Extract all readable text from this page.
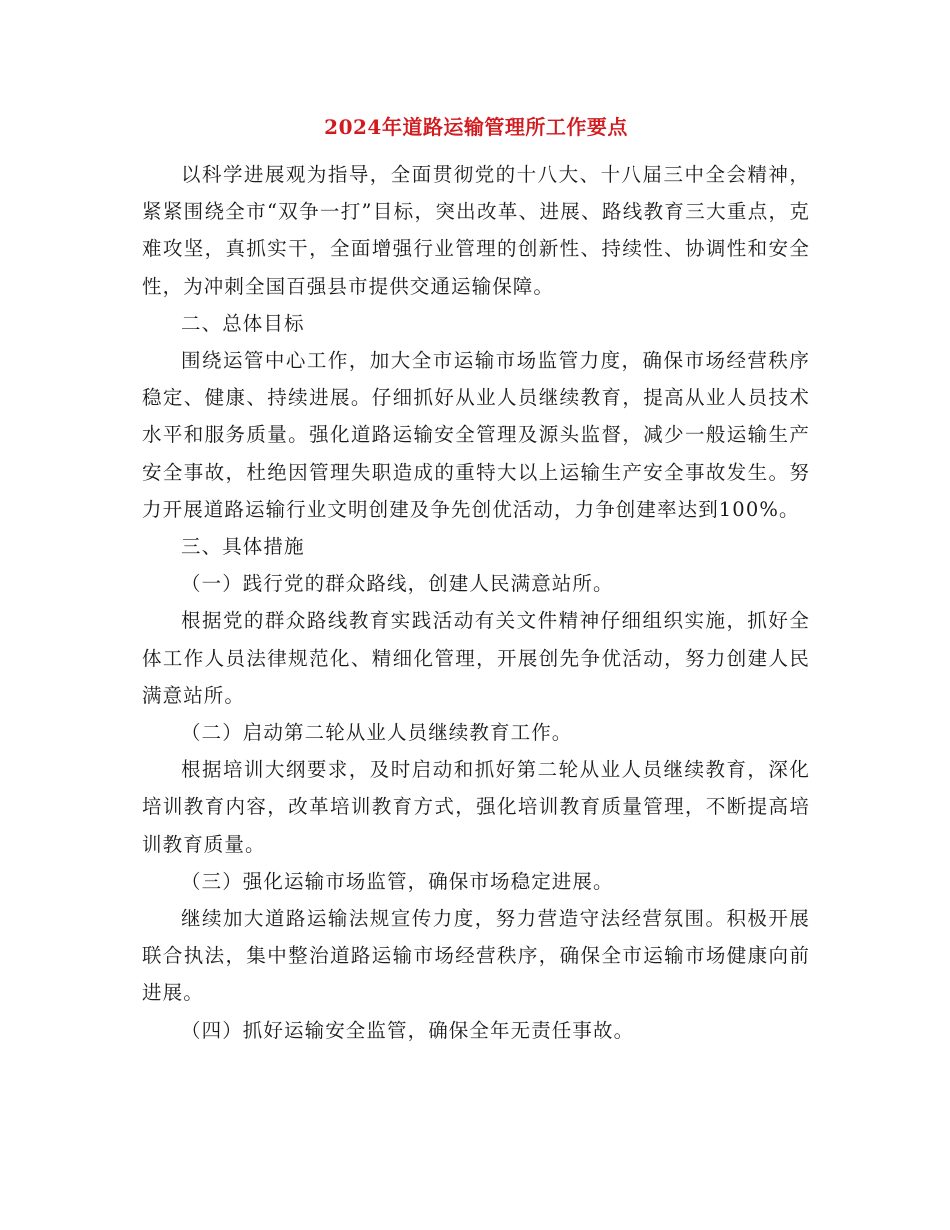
2024年道路运输管理所工作要点

以科学进展观为指导，全面贯彻党的十八大、十八届三中全会精神，紧紧围绕全市“双争一打”目标，突出改革、进展、路线教育三大重点，克难攻坚，真抓实干，全面增强行业管理的创新性、持续性、协调性和安全性，为冲刺全国百强县市提供交通运输保障。

二、总体目标

围绕运管中心工作，加大全市运输市场监管力度，确保市场经营秩序稳定、健康、持续进展。仔细抓好从业人员继续教育，提高从业人员技术水平和服务质量。强化道路运输安全管理及源头监督，减少一般运输生产安全事故，杜绝因管理失职造成的重特大以上运输生产安全事故发生。努力开展道路运输行业文明创建及争先创优活动，力争创建率达到100%。

三、具体措施

（一）践行党的群众路线，创建人民满意站所。

根据党的群众路线教育实践活动有关文件精神仔细组织实施，抓好全体工作人员法律规范化、精细化管理，开展创先争优活动，努力创建人民满意站所。

（二）启动第二轮从业人员继续教育工作。

根据培训大纲要求，及时启动和抓好第二轮从业人员继续教育，深化培训教育内容，改革培训教育方式，强化培训教育质量管理，不断提高培训教育质量。

（三）强化运输市场监管，确保市场稳定进展。

继续加大道路运输法规宣传力度，努力营造守法经营氛围。积极开展联合执法，集中整治道路运输市场经营秩序，确保全市运输市场健康向前进展。

（四）抓好运输安全监管，确保全年无责任事故。
